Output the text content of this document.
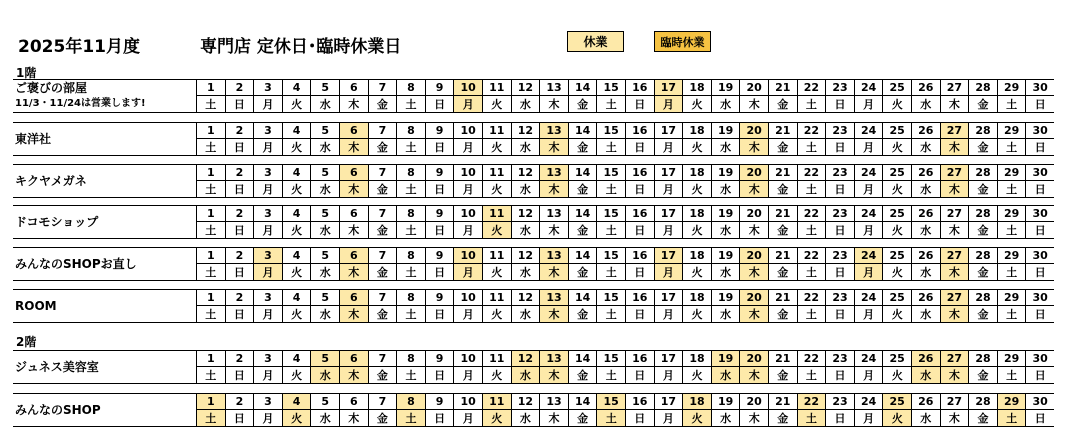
2025年11月度	専門店 定休日･臨時休業日	休業	臨時休業
1階
2階
ご褒びの部屋
11/3・11/24は営業します!
1	2	3	4	5	6	7	8	9	10	11	12	13	14	15	16	17	18	19	20	21	22	23	24	25	26	27	28	29	30
土	日	月	火	水	木	金	土	日	月	火	水	木	金	土	日	月	火	水	木	金	土	日	月	火	水	木	金	土	日
東洋社
1	2	3	4	5	6	7	8	9	10	11	12	13	14	15	16	17	18	19	20	21	22	23	24	25	26	27	28	29	30
土	日	月	火	水	木	金	土	日	月	火	水	木	金	土	日	月	火	水	木	金	土	日	月	火	水	木	金	土	日
キクヤメガネ
1	2	3	4	5	6	7	8	9	10	11	12	13	14	15	16	17	18	19	20	21	22	23	24	25	26	27	28	29	30
土	日	月	火	水	木	金	土	日	月	火	水	木	金	土	日	月	火	水	木	金	土	日	月	火	水	木	金	土	日
ドコモショップ
1	2	3	4	5	6	7	8	9	10	11	12	13	14	15	16	17	18	19	20	21	22	23	24	25	26	27	28	29	30
土	日	月	火	水	木	金	土	日	月	火	水	木	金	土	日	月	火	水	木	金	土	日	月	火	水	木	金	土	日
みんなのSHOPお直し
1	2	3	4	5	6	7	8	9	10	11	12	13	14	15	16	17	18	19	20	21	22	23	24	25	26	27	28	29	30
土	日	月	火	水	木	金	土	日	月	火	水	木	金	土	日	月	火	水	木	金	土	日	月	火	水	木	金	土	日
ROOM
1	2	3	4	5	6	7	8	9	10	11	12	13	14	15	16	17	18	19	20	21	22	23	24	25	26	27	28	29	30
土	日	月	火	水	木	金	土	日	月	火	水	木	金	土	日	月	火	水	木	金	土	日	月	火	水	木	金	土	日
ジュネス美容室
1	2	3	4	5	6	7	8	9	10	11	12	13	14	15	16	17	18	19	20	21	22	23	24	25	26	27	28	29	30
土	日	月	火	水	木	金	土	日	月	火	水	木	金	土	日	月	火	水	木	金	土	日	月	火	水	木	金	土	日
みんなのSHOP
1	2	3	4	5	6	7	8	9	10	11	12	13	14	15	16	17	18	19	20	21	22	23	24	25	26	27	28	29	30
土	日	月	火	水	木	金	土	日	月	火	水	木	金	土	日	月	火	水	木	金	土	日	月	火	水	木	金	土	日
